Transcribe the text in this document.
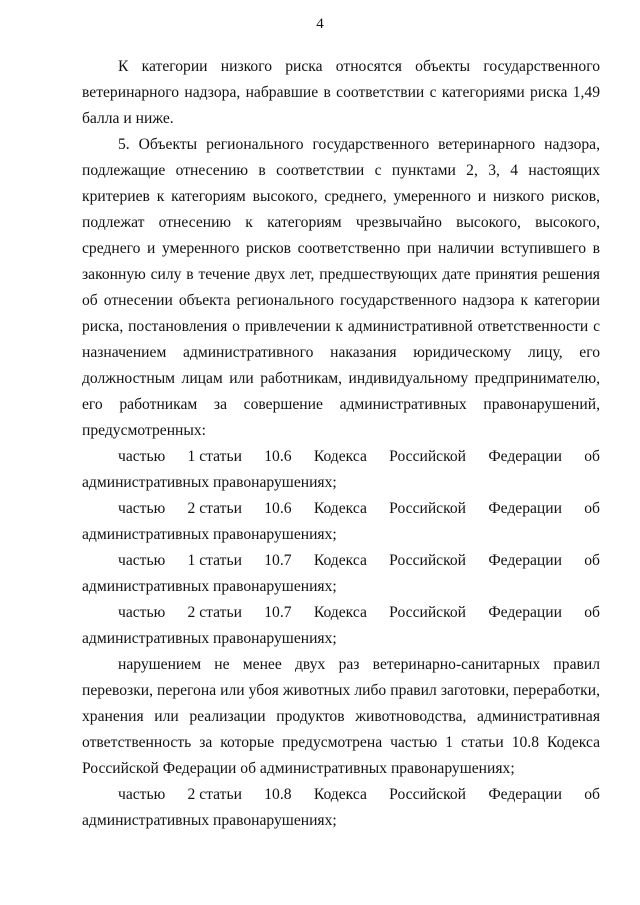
4

К категории низкого риска относятся объекты государственного ветеринарного надзора, набравшие в соответствии с категориями риска 1,49 балла и ниже.

5. Объекты регионального государственного ветеринарного надзора, подлежащие отнесению в соответствии с пунктами 2, 3, 4 настоящих критериев к категориям высокого, среднего, умеренного и низкого рисков, подлежат отнесению к категориям чрезвычайно высокого, высокого, среднего и умеренного рисков соответственно при наличии вступившего в законную силу в течение двух лет, предшествующих дате принятия решения об отнесении объекта регионального государственного надзора к категории риска, постановления о привлечении к административной ответственности с назначением административного наказания юридическому лицу, его должностным лицам или работникам, индивидуальному предпринимателю, его работникам за совершение административных правонарушений, предусмотренных:

частью 1 статьи 10.6 Кодекса Российской Федерации об
административных правонарушениях;
частью 2 статьи 10.6 Кодекса Российской Федерации об
административных правонарушениях;
частью 1 статьи 10.7 Кодекса Российской Федерации об
административных правонарушениях;
частью 2 статьи 10.7 Кодекса Российской Федерации об
административных правонарушениях;

нарушением не менее двух раз ветеринарно-санитарных правил перевозки, перегона или убоя животных либо правил заготовки, переработки, хранения или реализации продуктов животноводства, административная ответственность за которые предусмотрена частью 1 статьи 10.8 Кодекса Российской Федерации об административных правонарушениях;

частью 2 статьи 10.8 Кодекса Российской Федерации об
административных правонарушениях;
